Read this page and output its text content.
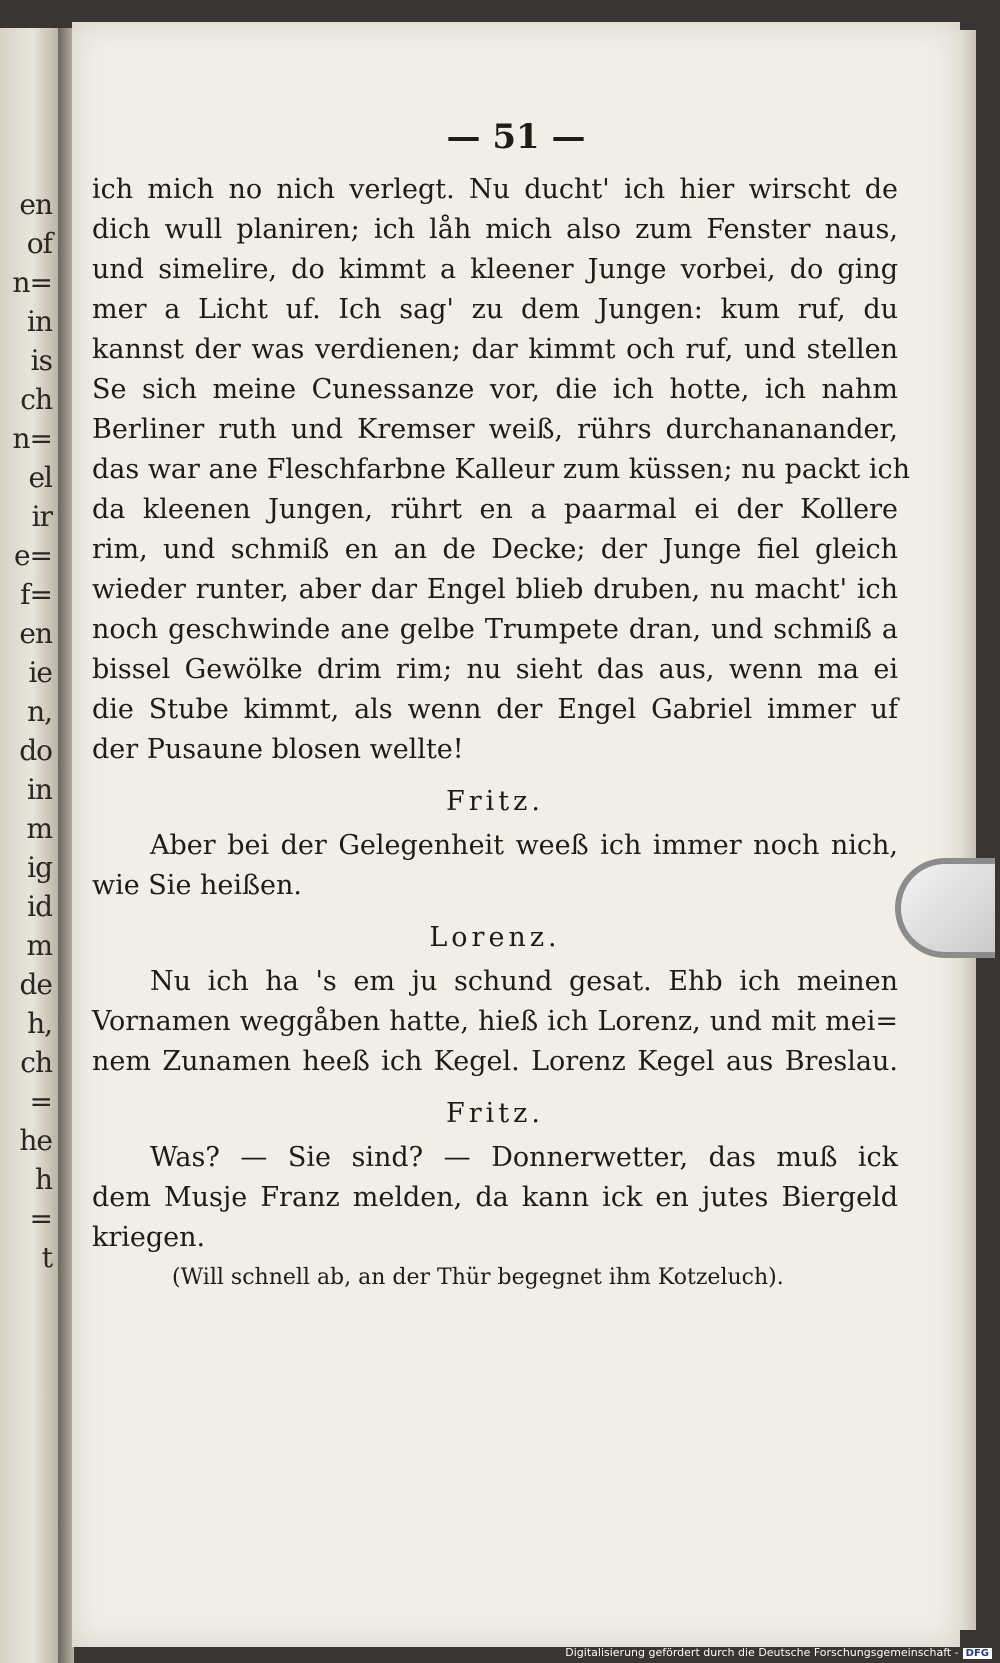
en
of
n=
in
is
ch
n=
el
ir
e=
f=
en
ie
n,
do
in
m
ig
id
m
de
h,
ch
=
he
h
=
t
— 51 —
ich mich no nich verlegt. Nu ducht' ich hier wirscht de
dich wull planiren; ich låh mich also zum Fenster naus,
und simelire, do kimmt a kleener Junge vorbei, do ging
mer a Licht uf. Ich sag' zu dem Jungen: kum ruf, du
kannst der was verdienen; dar kimmt och ruf, und stellen
Se sich meine Cunessanze vor, die ich hotte, ich nahm
Berliner ruth und Kremser weiß, rührs durchananander,
das war ane Fleschfarbne Kalleur zum küssen; nu packt ich
da kleenen Jungen, rührt en a paarmal ei der Kollere
rim, und schmiß en an de Decke; der Junge fiel gleich
wieder runter, aber dar Engel blieb druben, nu macht' ich
noch geschwinde ane gelbe Trumpete dran, und schmiß a
bissel Gewölke drim rim; nu sieht das aus, wenn ma ei
die Stube kimmt, als wenn der Engel Gabriel immer uf
der Pusaune blosen wellte!
Fritz.
Aber bei der Gelegenheit weeß ich immer noch nich,
wie Sie heißen.
Lorenz.
Nu ich ha 's em ju schund gesat. Ehb ich meinen
Vornamen weggåben hatte, hieß ich Lorenz, und mit mei=
nem Zunamen heeß ich Kegel. Lorenz Kegel aus Breslau.
Fritz.
Was? — Sie sind? — Donnerwetter, das muß ick
dem Musje Franz melden, da kann ick en jutes Biergeld
kriegen.
(Will schnell ab, an der Thür begegnet ihm Kotzeluch).
Digitalisierung gefördert durch die Deutsche Forschungsgemeinschaft - DFG
